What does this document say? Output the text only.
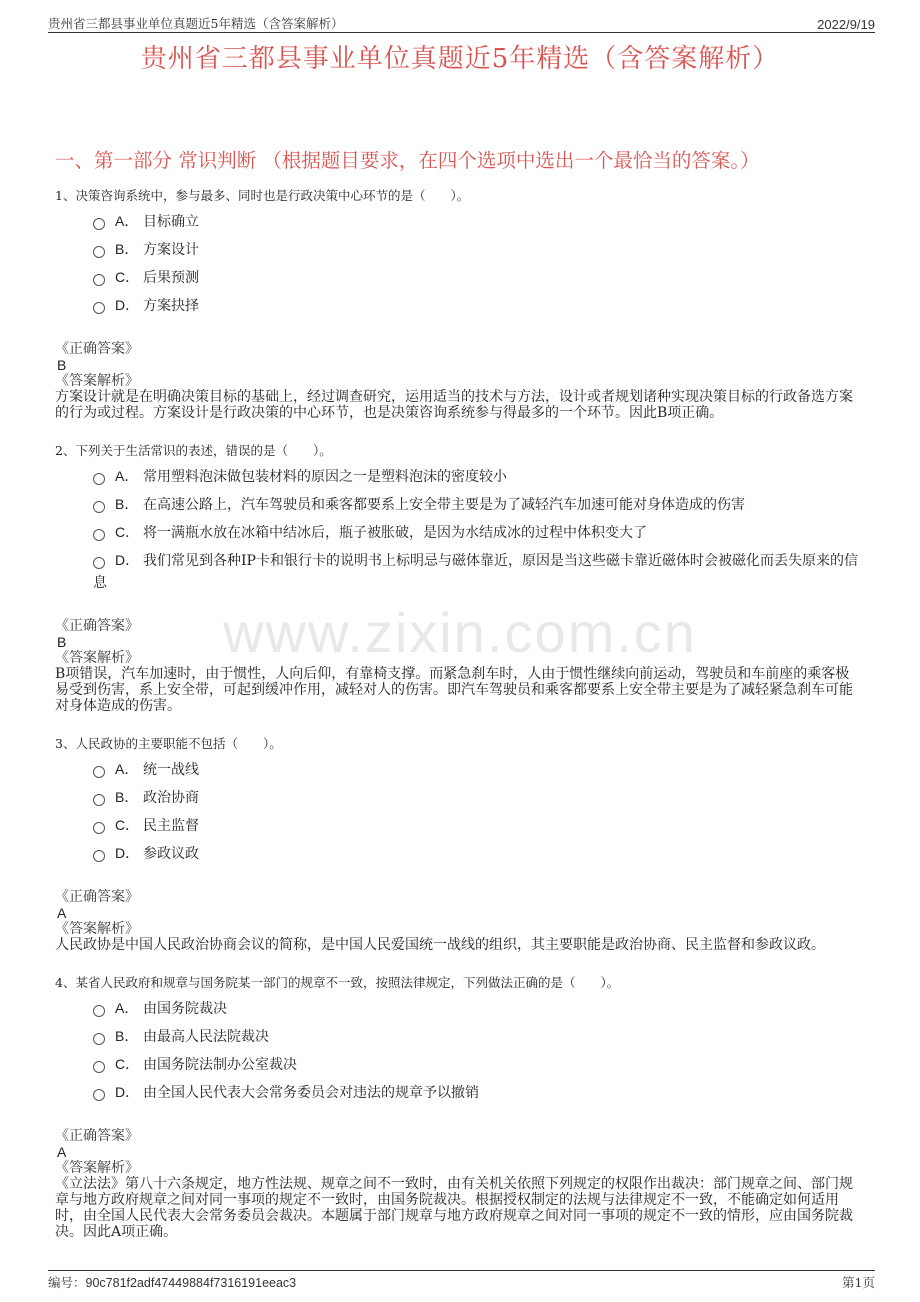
贵州省三都县事业单位真题近5年精选（含答案解析）	2022/9/19
贵州省三都县事业单位真题近5年精选（含答案解析）
一、第一部分 常识判断 （根据题目要求，在四个选项中选出一个最恰当的答案。）
www.zixin.com.cn
1、决策咨询系统中，参与最多、同时也是行政决策中心环节的是（　　）。
A． 目标确立
B． 方案设计
C． 后果预测
D． 方案抉择
《正确答案》
B
《答案解析》

方案设计就是在明确决策目标的基础上，经过调查研究，运用适当的技术与方法，设计或者规划诸种实现决策目标的行政备选方案的行为或过程。方案设计是行政决策的中心环节，也是决策咨询系统参与得最多的一个环节。因此B项正确。

2、下列关于生活常识的表述，错误的是（　　）。
A． 常用塑料泡沫做包装材料的原因之一是塑料泡沫的密度较小
B． 在高速公路上，汽车驾驶员和乘客都要系上安全带主要是为了减轻汽车加速可能对身体造成的伤害
C． 将一满瓶水放在冰箱中结冰后，瓶子被胀破，是因为水结成冰的过程中体积变大了
D． 我们常见到各种IP卡和银行卡的说明书上标明忌与磁体靠近，原因是当这些磁卡靠近磁体时会被磁化而丢失原来的信息
《正确答案》
B
《答案解析》

B项错误，汽车加速时，由于惯性，人向后仰，有靠椅支撑。而紧急刹车时，人由于惯性继续向前运动，驾驶员和车前座的乘客极易受到伤害，系上安全带，可起到缓冲作用，减轻对人的伤害。即汽车驾驶员和乘客都要系上安全带主要是为了减轻紧急刹车可能对身体造成的伤害。

3、人民政协的主要职能不包括（　　）。
A． 统一战线
B． 政治协商
C． 民主监督
D． 参政议政
《正确答案》
A
《答案解析》

人民政协是中国人民政治协商会议的简称，是中国人民爱国统一战线的组织，其主要职能是政治协商、民主监督和参政议政。

4、某省人民政府和规章与国务院某一部门的规章不一致，按照法律规定，下列做法正确的是（　　）。
A． 由国务院裁决
B． 由最高人民法院裁决
C． 由国务院法制办公室裁决
D． 由全国人民代表大会常务委员会对违法的规章予以撤销
《正确答案》
A
《答案解析》

《立法法》第八十六条规定，地方性法规、规章之间不一致时，由有关机关依照下列规定的权限作出裁决：部门规章之间、部门规章与地方政府规章之间对同一事项的规定不一致时，由国务院裁决。根据授权制定的法规与法律规定不一致，不能确定如何适用时，由全国人民代表大会常务委员会裁决。本题属于部门规章与地方政府规章之间对同一事项的规定不一致的情形，应由国务院裁决。因此A项正确。

编号：90c781f2adf47449884f7316191eeac3	第1页
